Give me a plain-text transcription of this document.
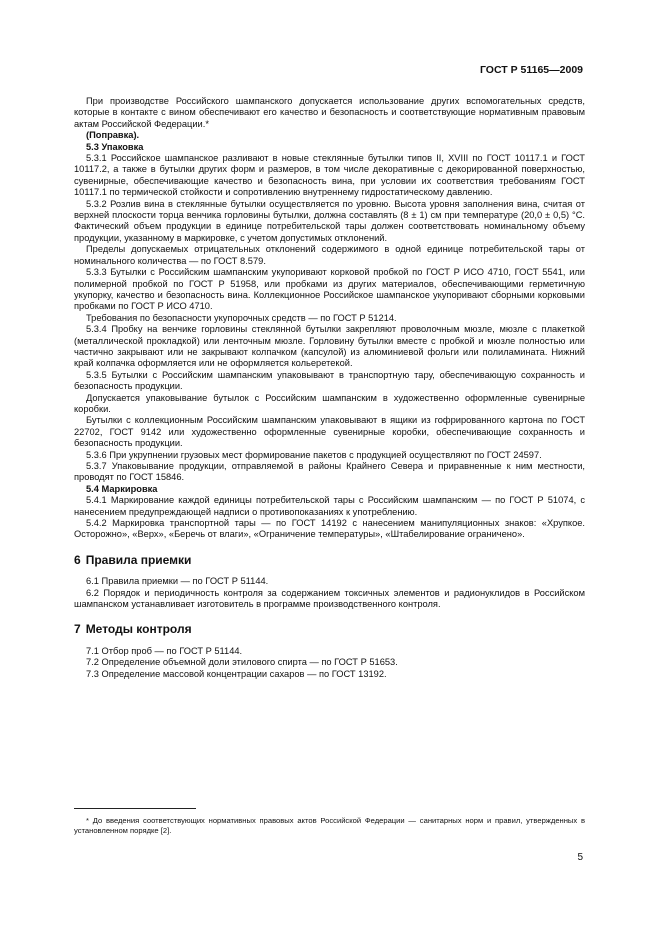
ГОСТ Р 51165—2009

При производстве Российского шампанского допускается использование других вспомогательных средств, которые в контакте с вином обеспечивают его качество и безопасность и соответствующие нормативным правовым актам Российской Федерации.*

(Поправка).

5.3 Упаковка

5.3.1 Российское шампанское разливают в новые стеклянные бутылки типов II, XVIII по ГОСТ 10117.1 и ГОСТ 10117.2, а также в бутылки других форм и размеров, в том числе декоративные с декорированной поверхностью, сувенирные, обеспечивающие качество и безопасность вина, при условии их соответствия требованиям ГОСТ 10117.1 по термической стойкости и сопротивлению внутреннему гидростатическому давлению.

5.3.2 Розлив вина в стеклянные бутылки осуществляется по уровню. Высота уровня заполнения вина, считая от верхней плоскости торца венчика горловины бутылки, должна составлять (8 ± 1) см при температуре (20,0 ± 0,5) °С. Фактический объем продукции в единице потребительской тары должен соответствовать номинальному объему продукции, указанному в маркировке, с учетом допустимых отклонений.

Пределы допускаемых отрицательных отклонений содержимого в одной единице потребительской тары от номинального количества — по ГОСТ 8.579.

5.3.3 Бутылки с Российским шампанским укупоривают корковой пробкой по ГОСТ Р ИСО 4710, ГОСТ 5541, или полимерной пробкой по ГОСТ Р 51958, или пробками из других материалов, обеспечивающими герметичную укупорку, качество и безопасность вина. Коллекционное Российское шампанское укупоривают сборными корковыми пробками по ГОСТ Р ИСО 4710.

Требования по безопасности укупорочных средств — по ГОСТ Р 51214.

5.3.4 Пробку на венчике горловины стеклянной бутылки закрепляют проволочным мюзле, мюзле с плакеткой (металлической прокладкой) или ленточным мюзле. Горловину бутылки вместе с пробкой и мюзле полностью или частично закрывают или не закрывают колпачком (капсулой) из алюминиевой фольги или полиламината. Нижний край колпачка оформляется или не оформляется кольеретекой.

5.3.5 Бутылки с Российским шампанским упаковывают в транспортную тару, обеспечивающую сохранность и безопасность продукции.

Допускается упаковывание бутылок с Российским шампанским в художественно оформленные сувенирные коробки.

Бутылки с коллекционным Российским шампанским упаковывают в ящики из гофрированного картона по ГОСТ 22702, ГОСТ 9142 или художественно оформленные сувенирные коробки, обеспечивающие сохранность и безопасность продукции.

5.3.6 При укрупнении грузовых мест формирование пакетов с продукцией осуществляют по ГОСТ 24597.

5.3.7 Упаковывание продукции, отправляемой в районы Крайнего Севера и приравненные к ним местности, проводят по ГОСТ 15846.

5.4 Маркировка

5.4.1 Маркирование каждой единицы потребительской тары с Российским шампанским — по ГОСТ Р 51074, с нанесением предупреждающей надписи о противопоказаниях к употреблению.

5.4.2 Маркировка транспортной тары — по ГОСТ 14192 с нанесением манипуляционных знаков: «Хрупкое. Осторожно», «Верх», «Беречь от влаги», «Ограничение температуры», «Штабелирование ограничено».

6 Правила приемки

6.1 Правила приемки — по ГОСТ Р 51144.

6.2 Порядок и периодичность контроля за содержанием токсичных элементов и радионуклидов в Российском шампанском устанавливает изготовитель в программе производственного контроля.

7 Методы контроля

7.1 Отбор проб — по ГОСТ Р 51144.

7.2 Определение объемной доли этилового спирта — по ГОСТ Р 51653.

7.3 Определение массовой концентрации сахаров — по ГОСТ 13192.

* До введения соответствующих нормативных правовых актов Российской Федерации — санитарных норм и правил, утвержденных в установленном порядке [2].
5
